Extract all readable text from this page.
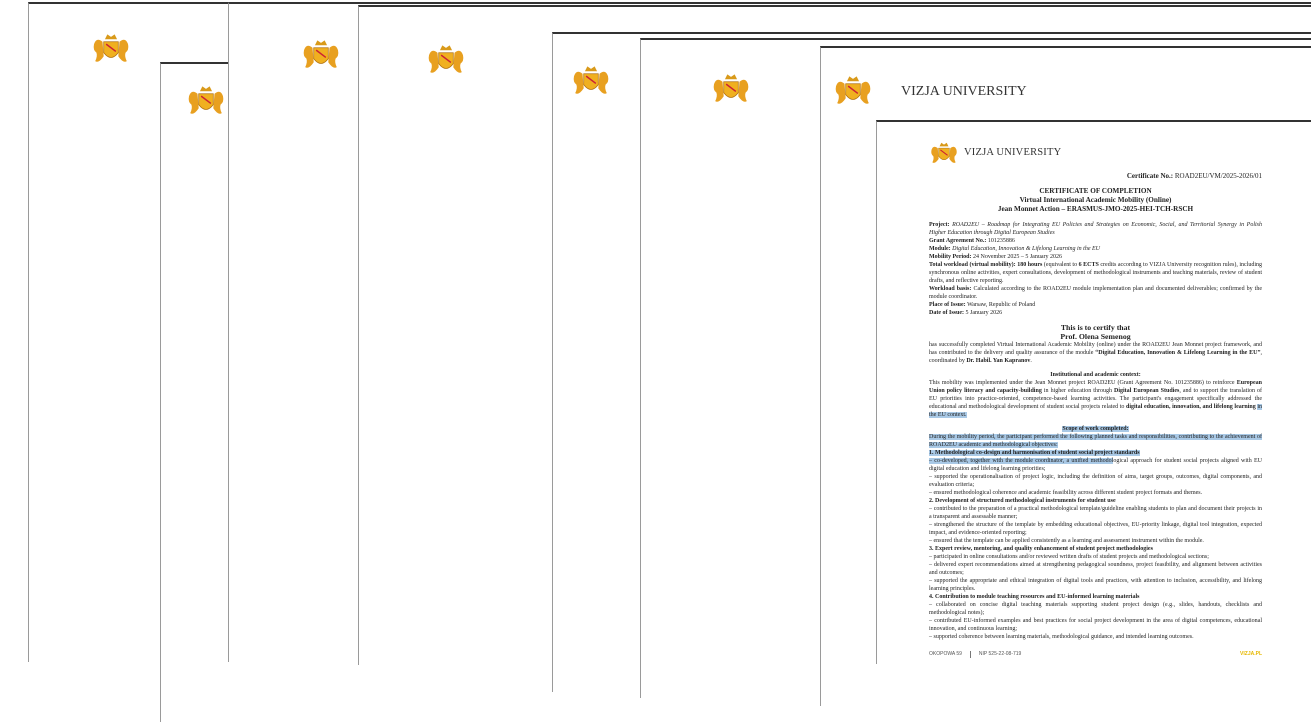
VIZJA UNIVERSITY
VIZJA UNIVERSITY
Certificate No.: ROAD2EU/VM/2025-2026/01
CERTIFICATE OF COMPLETION
Virtual International Academic Mobility (Online)
Jean Monnet Action – ERASMUS-JMO-2025-HEI-TCH-RSCH
Project: ROAD2EU – Roadmap for Integrating EU Policies and Strategies on Economic, Social, and Territorial Synergy in Polish Higher Education through Digital European Studies
Grant Agreement No.: 101235886
Module: Digital Education, Innovation & Lifelong Learning in the EU
Mobility Period: 24 November 2025 – 5 January 2026
Total workload (virtual mobility): 180 hours (equivalent to 6 ECTS credits according to VIZJA University recognition rules), including synchronous online activities, expert consultations, development of methodological instruments and teaching materials, review of student drafts, and reflective reporting.
Workload basis: Calculated according to the ROAD2EU module implementation plan and documented deliverables; confirmed by the module coordinator.
Place of Issue: Warsaw, Republic of Poland
Date of Issue: 5 January 2026
This is to certify that
Prof. Olena Semenog
has successfully completed Virtual International Academic Mobility (online) under the ROAD2EU Jean Monnet project framework, and has contributed to the delivery and quality assurance of the module “Digital Education, Innovation & Lifelong Learning in the EU”, coordinated by Dr. Habil. Yan Kapranov.
Institutional and academic context:
This mobility was implemented under the Jean Monnet project ROAD2EU (Grant Agreement No. 101235886) to reinforce European Union policy literacy and capacity-building in higher education through Digital European Studies, and to support the translation of EU priorities into practice-oriented, competence-based learning activities. The participant's engagement specifically addressed the educational and methodological development of student social projects related to digital education, innovation, and lifelong learning in the EU context.
Scope of work completed:
During the mobility period, the participant performed the following planned tasks and responsibilities, contributing to the achievement of ROAD2EU academic and methodological objectives:
1. Methodological co-design and harmonisation of student social project standards
– co-developed, together with the module coordinator, a unified methodological approach for student social projects aligned with EU digital education and lifelong learning priorities;
– supported the operationalisation of project logic, including the definition of aims, target groups, outcomes, digital components, and evaluation criteria;
– ensured methodological coherence and academic feasibility across different student project formats and themes.
2. Development of structured methodological instruments for student use
– contributed to the preparation of a practical methodological template/guideline enabling students to plan and document their projects in a transparent and assessable manner;
– strengthened the structure of the template by embedding educational objectives, EU-priority linkage, digital tool integration, expected impact, and evidence-oriented reporting;
– ensured that the template can be applied consistently as a learning and assessment instrument within the module.
3. Expert review, mentoring, and quality enhancement of student project methodologies
– participated in online consultations and/or reviewed written drafts of student projects and methodological sections;
– delivered expert recommendations aimed at strengthening pedagogical soundness, project feasibility, and alignment between activities and outcomes;
– supported the appropriate and ethical integration of digital tools and practices, with attention to inclusion, accessibility, and lifelong learning principles.
4. Contribution to module teaching resources and EU-informed learning materials
– collaborated on concise digital teaching materials supporting student project design (e.g., slides, handouts, checklists and methodological notes);
– contributed EU-informed examples and best practices for social project development in the area of digital competences, educational innovation, and continuous learning;
– supported coherence between learning materials, methodological guidance, and intended learning outcomes.
OKOPOWA 59	NIP 525-22-08-719	VIZJA.PL
